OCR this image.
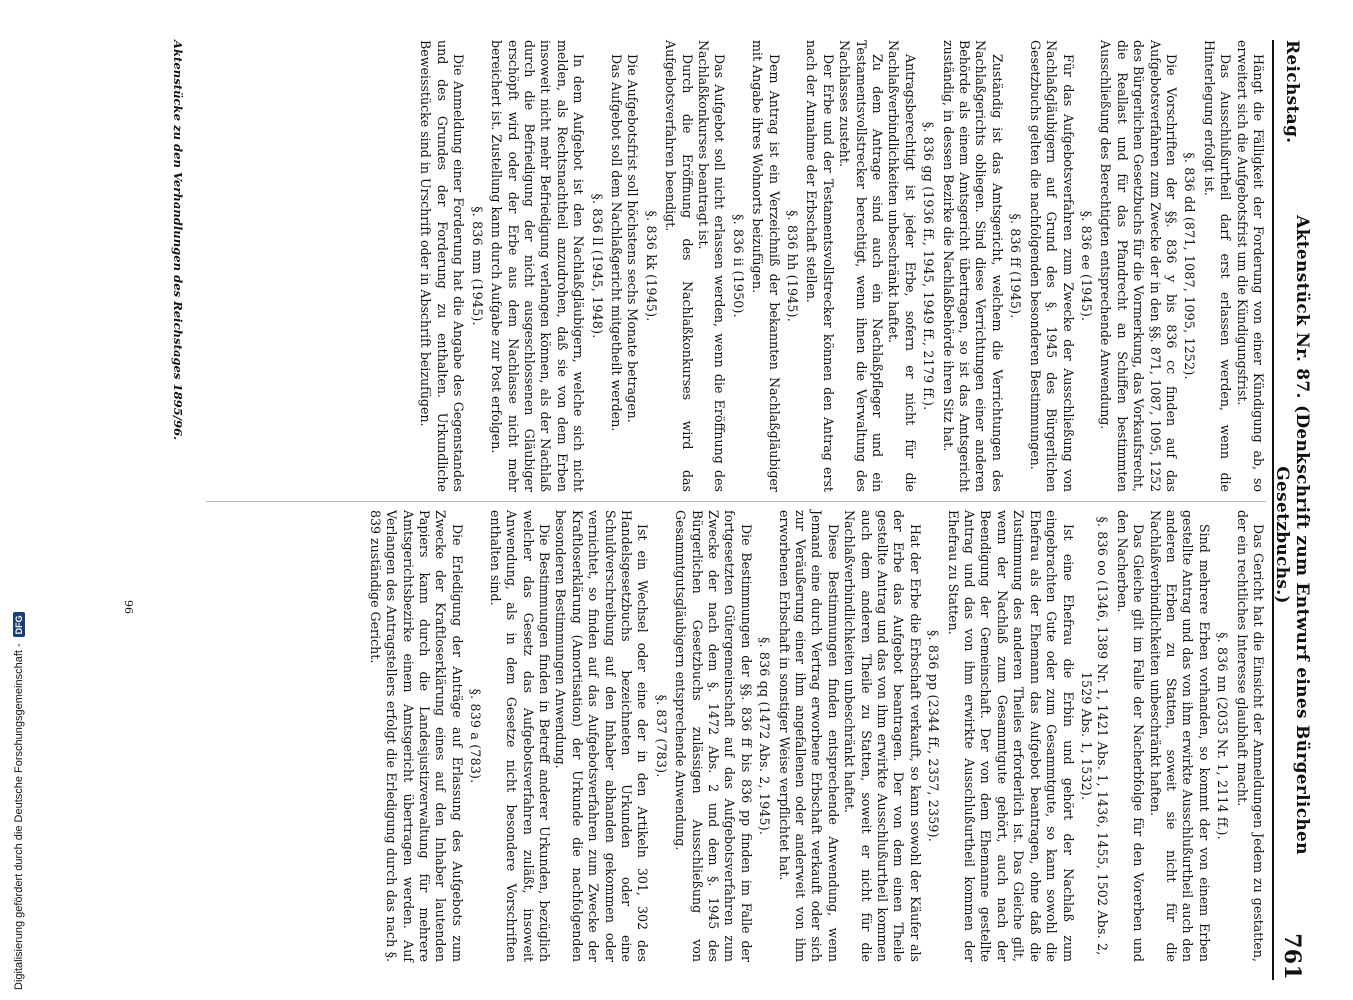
Reichstag.
Aktenstück Nr. 87. (Denkschrift zum Entwurf eines Bürgerlichen Gesetzbuchs.)
761

Hängt die Fälligkeit der Forderung von einer Kündigung ab, so erweitert sich die Aufgebotsfrist um die Kündigungsfrist.

Das Ausschlußurtheil darf erst erlassen werden, wenn die Hinterlegung erfolgt ist.

§. 836 dd (871, 1087, 1095, 1252).

Die Vorschriften der §§. 836 y bis 836 cc finden auf das Aufgebotsverfahren zum Zwecke der in den §§. 871, 1087, 1095, 1252 des Bürgerlichen Gesetzbuchs für die Vormerkung, das Vorkaufsrecht, die Reallast und für das Pfandrecht an Schiffen bestimmten Ausschließung des Berechtigten entsprechende Anwendung.

§. 836 ee (1945).

Für das Aufgebotsverfahren zum Zwecke der Ausschließung von Nachlaßgläubigern auf Grund des §. 1945 des Bürgerlichen Gesetzbuchs gelten die nachfolgenden besonderen Bestimmungen.

§. 836 ff (1945).

Zuständig ist das Amtsgericht, welchem die Verrichtungen des Nachlaßgerichts obliegen. Sind diese Verrichtungen einer anderen Behörde als einem Amtsgericht übertragen, so ist das Amtsgericht zuständig, in dessen Bezirke die Nachlaßbehörde ihren Sitz hat.

§. 836 gg (1936 ff., 1945, 1949 ff., 2179 ff.).

Antragsberechtigt ist jeder Erbe, sofern er nicht für die Nachlaßverbindlichkeiten unbeschränkt haftet.

Zu dem Antrage sind auch ein Nachlaßpfleger und ein Testamentsvollstrecker berechtigt, wenn ihnen die Verwaltung des Nachlasses zusteht.

Der Erbe und der Testamentsvollstrecker können den Antrag erst nach der Annahme der Erbschaft stellen.

§. 836 hh (1945).

Dem Antrag ist ein Verzeichniß der bekannten Nachlaßgläubiger mit Angabe ihres Wohnorts beizufügen.

§. 836 ii (1950).

Das Aufgebot soll nicht erlassen werden, wenn die Eröffnung des Nachlaßkonkurses beantragt ist.

Durch die Eröffnung des Nachlaßkonkurses wird das Aufgebotsverfahren beendigt.

§. 836 kk (1945).

Die Aufgebotsfrist soll höchstens sechs Monate betragen.

Das Aufgebot soll dem Nachlaßgericht mitgetheilt werden.

§. 836 ll (1945, 1948).

In dem Aufgebot ist den Nachlaßgläubigern, welche sich nicht melden, als Rechtsnachtheil anzudrohen, daß sie von dem Erben insoweit nicht mehr Befriedigung verlangen können, als der Nachlaß durch die Befriedigung der nicht ausgeschlossenen Gläubiger erschöpft wird oder der Erbe aus dem Nachlasse nicht mehr bereichert ist. Zustellung kann durch Aufgabe zur Post erfolgen.

§. 836 mm (1945).

Die Anmeldung einer Forderung hat die Angabe des Gegenstandes und des Grundes der Forderung zu enthalten. Urkundliche Beweisstücke sind in Urschrift oder in Abschrift beizufügen.

Das Gericht hat die Einsicht der Anmeldungen Jedem zu gestatten, der ein rechtliches Interesse glaubhaft macht.

§. 836 nn (2035 Nr. 1, 2114 ff.).

Sind mehrere Erben vorhanden, so kommt der von einem Erben gestellte Antrag und das von ihm erwirkte Ausschlußurtheil auch den anderen Erben zu Statten, soweit sie nicht für die Nachlaßverbindlichkeiten unbeschränkt haften.

Das Gleiche gilt im Falle der Nacherbfolge für den Vorerben und den Nacherben.

§. 836 oo (1346, 1389 Nr. 1, 1421 Abs. 1, 1436, 1455, 1502 Abs. 2, 1529 Abs. 1, 1532).

Ist eine Ehefrau die Erbin und gehört der Nachlaß zum eingebrachten Gute oder zum Gesammtgute, so kann sowohl die Ehefrau als der Ehemann das Aufgebot beantragen, ohne daß die Zustimmung des anderen Theiles erforderlich ist. Das Gleiche gilt, wenn der Nachlaß zum Gesammtgute gehört, auch nach der Beendigung der Gemeinschaft. Der von dem Ehemanne gestellte Antrag und das von ihm erwirkte Ausschlußurtheil kommen der Ehefrau zu Statten.

§. 836 pp (2344 ff., 2357, 2359).

Hat der Erbe die Erbschaft verkauft, so kann sowohl der Käufer als der Erbe das Aufgebot beantragen. Der von dem einen Theile gestellte Antrag und das von ihm erwirkte Ausschlußurtheil kommen auch dem anderen Theile zu Statten, soweit er nicht für die Nachlaßverbindlichkeiten unbeschränkt haftet.

Diese Bestimmungen finden entsprechende Anwendung, wenn Jemand eine durch Vertrag erworbene Erbschaft verkauft oder sich zur Veräußerung einer ihm angefallenen oder anderweit von ihm erworbenen Erbschaft in sonstiger Weise verpflichtet hat.

§. 836 qq (1472 Abs. 2, 1945).

Die Bestimmungen der §§. 836 ff bis 836 pp finden im Falle der fortgesetzten Gütergemeinschaft auf das Aufgebotsverfahren zum Zwecke der nach dem §. 1472 Abs. 2 und dem §. 1945 des Bürgerlichen Gesetzbuchs zulässigen Ausschließung von Gesammtgutsgläubigern entsprechende Anwendung.

§. 837 (783).

Ist ein Wechsel oder eine der in den Artikeln 301, 302 des Handelsgesetzbuchs bezeichneten Urkunden oder eine Schuldverschreibung auf den Inhaber abhanden gekommen oder vernichtet, so finden auf das Aufgebotsverfahren zum Zwecke der Kraftloserklärung (Amortisation) der Urkunde die nachfolgenden besonderen Bestimmungen Anwendung.

Die Bestimmungen finden in Betreff anderer Urkunden, bezüglich welcher das Gesetz das Aufgebotsverfahren zuläßt, insoweit Anwendung, als in dem Gesetze nicht besondere Vorschriften enthalten sind.

§. 839 a (783).

Die Erledigung der Anträge auf Erlassung des Aufgebots zum Zwecke der Kraftloserklärung eines auf den Inhaber lautenden Papiers kann durch die Landesjustizverwaltung für mehrere Amtsgerichtsbezirke einem Amtsgericht übertragen werden. Auf Verlangen des Antragstellers erfolgt die Erledigung durch das nach §. 839 zuständige Gericht.

Aktenstücke zu den Verhandlungen des Reichstages 1895/96.
96
Digitalisierung gefördert durch die Deutsche Forschungsgemeinschaft -
DFG
